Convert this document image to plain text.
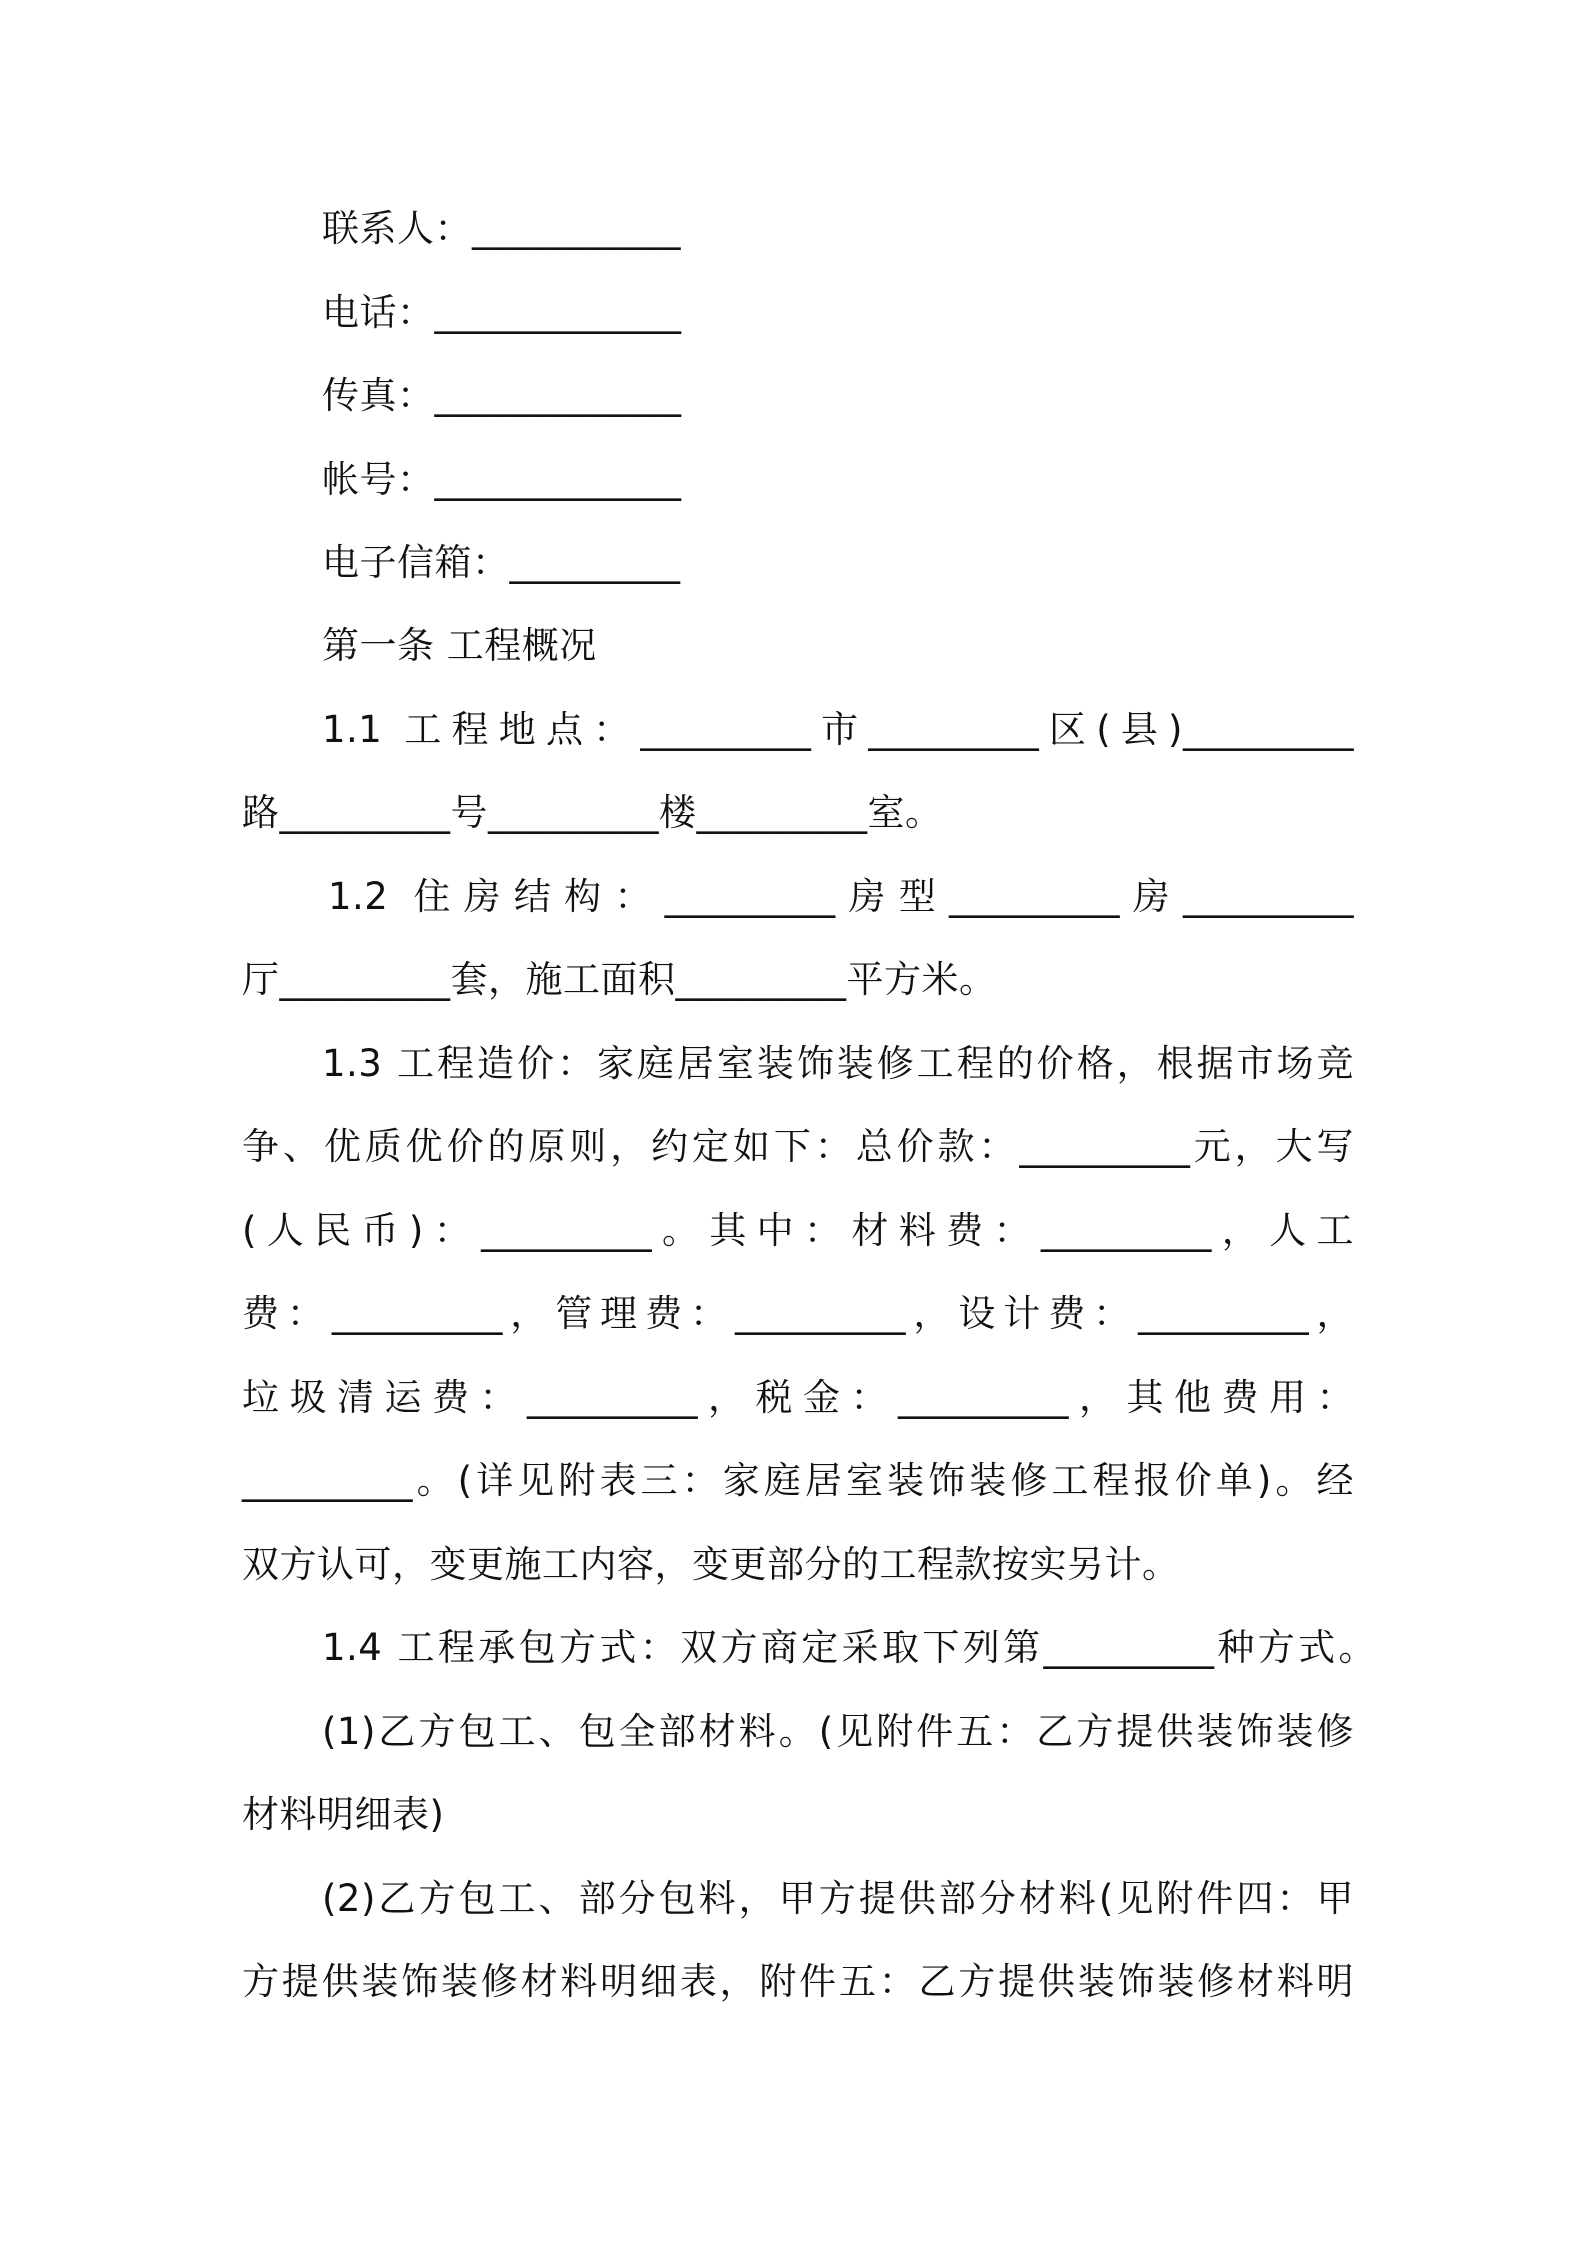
联系人：___________
电话：_____________
传真：_____________
帐号：_____________
电子信箱：_________
第一条 工程概况
1.1 工程地点：_________市_________区(县)_________
路_________号_________楼_________室。
1.2 住房结构：_________房型_________房_________
厅_________套，施工面积_________平方米。
1.3 工程造价：家庭居室装饰装修工程的价格，根据市场竞
争、优质优价的原则，约定如下：总价款：_________元，大写
(人民币)：_________。其中：材料费：_________，人工
费：_________，管理费：_________，设计费：_________，
垃圾清运费：_________，税金：_________，其他费用：
_________。(详见附表三：家庭居室装饰装修工程报价单)。经
双方认可，变更施工内容，变更部分的工程款按实另计。
1.4 工程承包方式：双方商定采取下列第_________种方式。
(1)乙方包工、包全部材料。(见附件五：乙方提供装饰装修
材料明细表)
(2)乙方包工、部分包料，甲方提供部分材料(见附件四：甲
方提供装饰装修材料明细表，附件五：乙方提供装饰装修材料明
